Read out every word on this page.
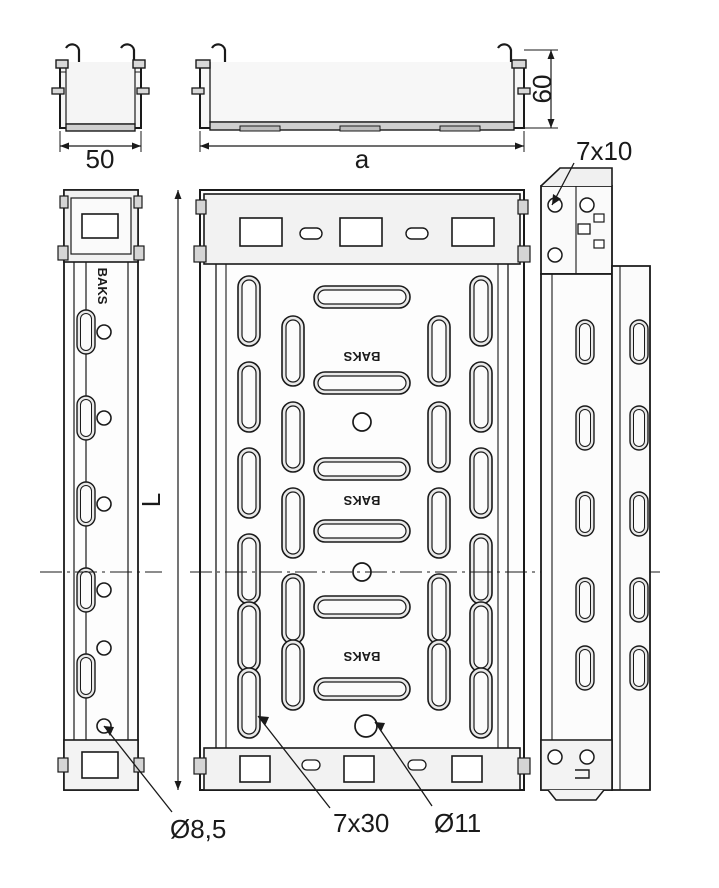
50	a
60
BAKS
BAKS
BAKS
BAKS
L
7x10
Ø8,5	7x30 Ø11
